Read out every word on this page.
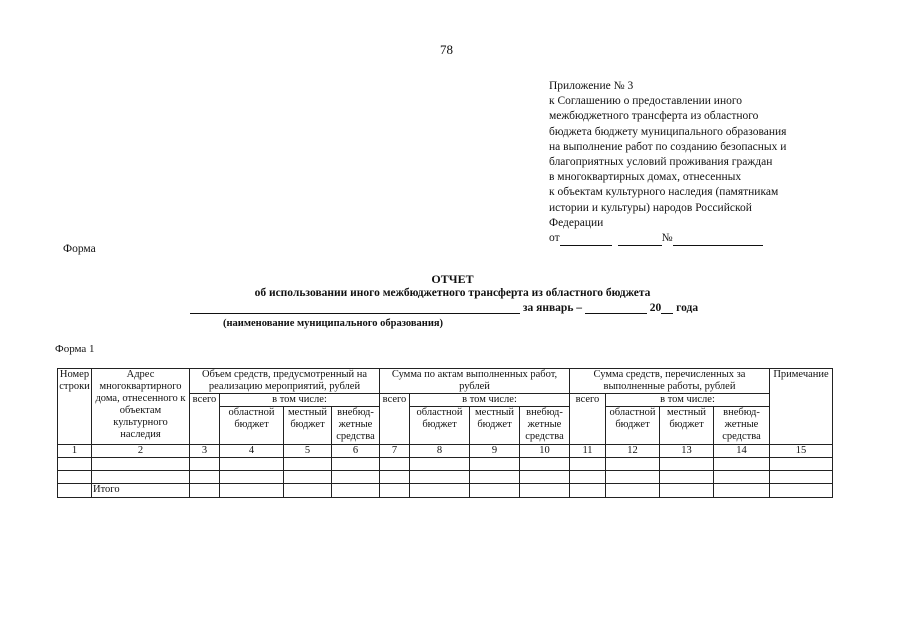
78
Приложение № 3
к Соглашению о предоставлении иного
межбюджетного трансферта из областного
бюджета бюджету муниципального образования
на выполнение работ по созданию безопасных и
благоприятных условий проживания граждан
в многоквартирных домах, отнесенных
к объектам культурного наследия (памятникам
истории и культуры) народов Российской
Федерации
от	№
Форма
ОТЧЕТ
об использовании иного межбюджетного трансферта из областного бюджета
за январь –	20 года
(наименование муниципального образования)
Форма 1
Номер строки	Адрес многоквартирного дома, отнесенного к объектам культурного наследия	Объем средств, предусмотренный на реализацию мероприятий, рублей				Сумма по актам выполненных работ, рублей				Сумма средств, перечисленных за выполненные работы, рублей				Примечание
		всего	в том числе:			всего	в том числе:			всего	в том числе:			
			областной бюджет	местный бюджет	внебюд-жетные средства		областной бюджет	местный бюджет	внебюд-жетные средства		областной бюджет	местный бюджет	внебюд-жетные средства	
1	2	3	4	5	6	7	8	9	10	11	12	13	14	15

	Итого													
